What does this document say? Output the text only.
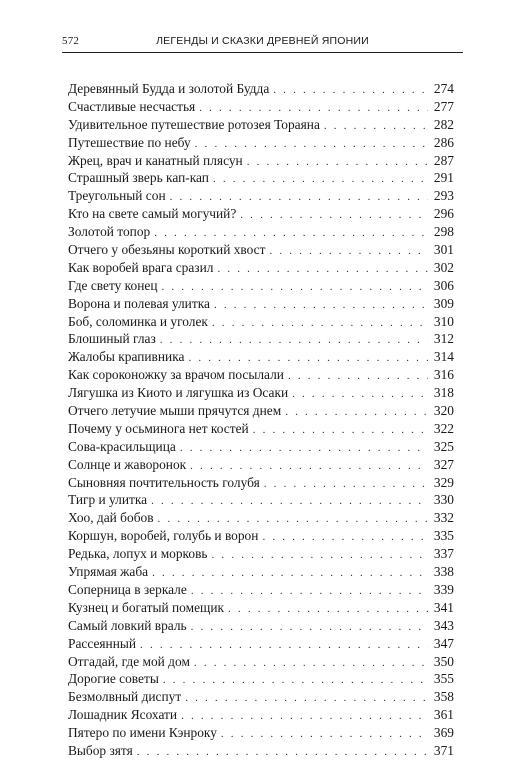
572	ЛЕГЕНДЫ И СКАЗКИ ДРЕВНЕЙ ЯПОНИИ
Деревянный Будда и золотой Будда . . .	274
Счастливые несчастья . . .	277
Удивительное путешествие ротозея Тораяна . . .	282
Путешествие по небу . . .	286
Жрец, врач и канатный плясун . . .	287
Страшный зверь кап-кап . . .	291
Треугольный сон . . .	293
Кто на свете самый могучий? . . .	296
Золотой топор . . .	298
Отчего у обезьяны короткий хвост . . .	301
Как воробей врага сразил . . .	302
Где свету конец . . .	306
Ворона и полевая улитка . . .	309
Боб, соломинка и уголек . . .	310
Блошиный глаз . . .	312
Жалобы крапивника . . .	314
Как сороконожку за врачом посылали . . .	316
Лягушка из Киото и лягушка из Осаки . . .	318
Отчего летучие мыши прячутся днем . . .	320
Почему у осьминога нет костей . . .	322
Сова-красильщица . . .	325
Солнце и жаворонок . . .	327
Сыновняя почтительность голубя . . .	329
Тигр и улитка . . .	330
Хоо, дай бобов . . .	332
Коршун, воробей, голубь и ворон . . .	335
Редька, лопух и морковь . . .	337
Упрямая жаба . . .	338
Соперница в зеркале . . .	339
Кузнец и богатый помещик . . .	341
Самый ловкий враль . . .	343
Рассеянный . . .	347
Отгадай, где мой дом . . .	350
Дорогие советы . . .	355
Безмолвный диспут . . .	358
Лошадник Ясохати . . .	361
Пятеро по имени Кэнроку . . .	369
Выбор зятя . . .	371
